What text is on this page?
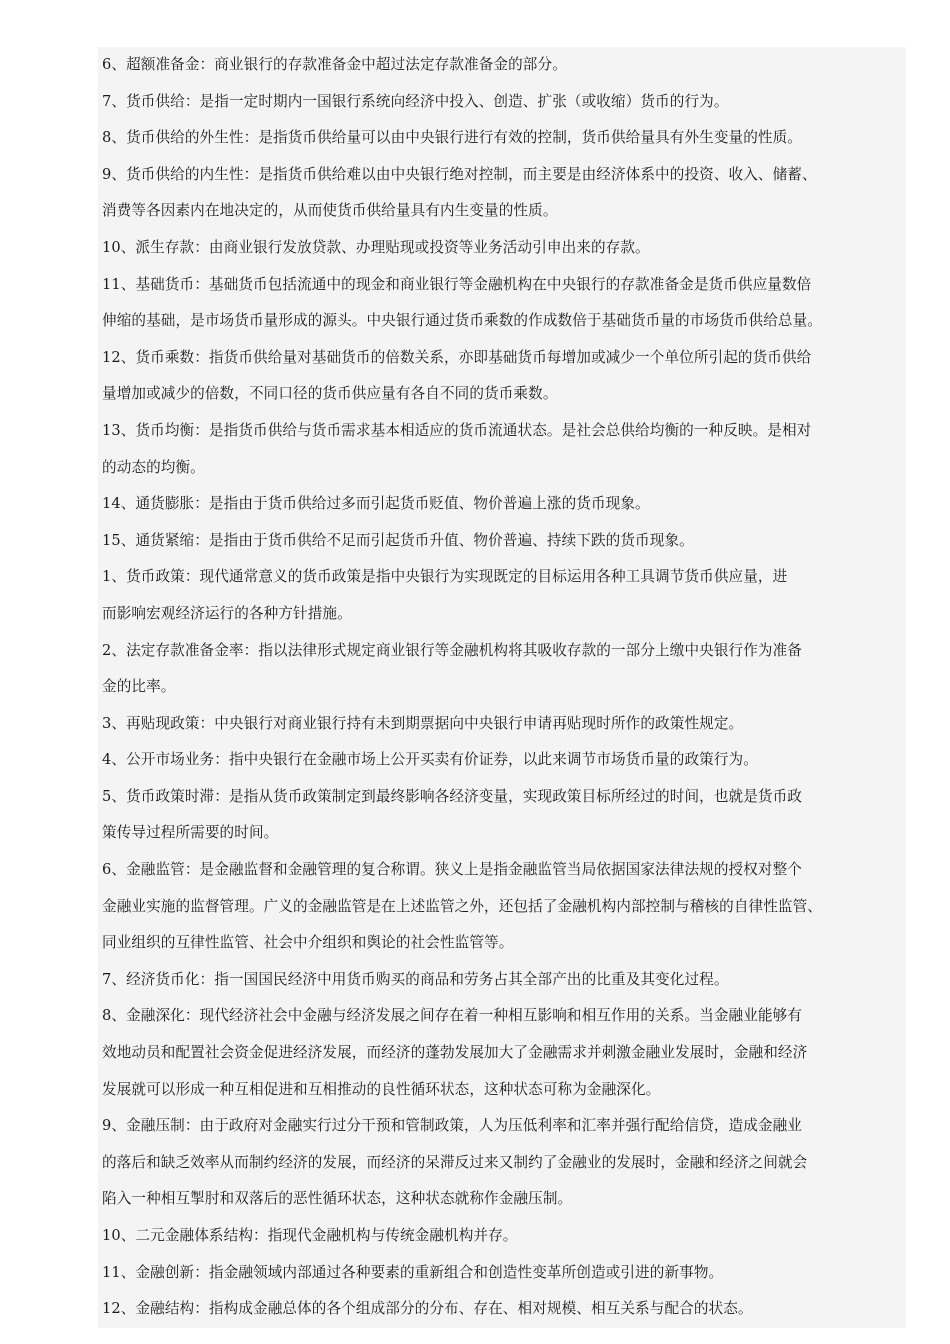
6、超额准备金：商业银行的存款准备金中超过法定存款准备金的部分。
7、货币供给：是指一定时期内一国银行系统向经济中投入、创造、扩张（或收缩）货币的行为。
8、货币供给的外生性：是指货币供给量可以由中央银行进行有效的控制，货币供给量具有外生变量的性质。
9、货币供给的内生性：是指货币供给难以由中央银行绝对控制，而主要是由经济体系中的投资、收入、储蓄、
消费等各因素内在地决定的，从而使货币供给量具有内生变量的性质。
10、派生存款：由商业银行发放贷款、办理贴现或投资等业务活动引申出来的存款。
11、基础货币：基础货币包括流通中的现金和商业银行等金融机构在中央银行的存款准备金是货币供应量数倍
伸缩的基础，是市场货币量形成的源头。中央银行通过货币乘数的作成数倍于基础货币量的市场货币供给总量。
12、货币乘数：指货币供给量对基础货币的倍数关系，亦即基础货币每增加或减少一个单位所引起的货币供给
量增加或减少的倍数，不同口径的货币供应量有各自不同的货币乘数。
13、货币均衡：是指货币供给与货币需求基本相适应的货币流通状态。是社会总供给均衡的一种反映。是相对
的动态的均衡。
14、通货膨胀：是指由于货币供给过多而引起货币贬值、物价普遍上涨的货币现象。
15、通货紧缩：是指由于货币供给不足而引起货币升值、物价普遍、持续下跌的货币现象。
1、货币政策：现代通常意义的货币政策是指中央银行为实现既定的目标运用各种工具调节货币供应量，进
而影响宏观经济运行的各种方针措施。
2、法定存款准备金率：指以法律形式规定商业银行等金融机构将其吸收存款的一部分上缴中央银行作为准备
金的比率。
3、再贴现政策：中央银行对商业银行持有未到期票据向中央银行申请再贴现时所作的政策性规定。
4、公开市场业务：指中央银行在金融市场上公开买卖有价证券，以此来调节市场货币量的政策行为。
5、货币政策时滞：是指从货币政策制定到最终影响各经济变量，实现政策目标所经过的时间，也就是货币政
策传导过程所需要的时间。
6、金融监管：是金融监督和金融管理的复合称谓。狭义上是指金融监管当局依据国家法律法规的授权对整个
金融业实施的监督管理。广义的金融监管是在上述监管之外，还包括了金融机构内部控制与稽核的自律性监管、
同业组织的互律性监管、社会中介组织和舆论的社会性监管等。
7、经济货币化：指一国国民经济中用货币购买的商品和劳务占其全部产出的比重及其变化过程。
8、金融深化：现代经济社会中金融与经济发展之间存在着一种相互影响和相互作用的关系。当金融业能够有
效地动员和配置社会资金促进经济发展，而经济的蓬勃发展加大了金融需求并刺激金融业发展时，金融和经济
发展就可以形成一种互相促进和互相推动的良性循环状态，这种状态可称为金融深化。
9、金融压制：由于政府对金融实行过分干预和管制政策，人为压低利率和汇率并强行配给信贷，造成金融业
的落后和缺乏效率从而制约经济的发展，而经济的呆滞反过来又制约了金融业的发展时，金融和经济之间就会
陷入一种相互掣肘和双落后的恶性循环状态，这种状态就称作金融压制。
10、二元金融体系结构：指现代金融机构与传统金融机构并存。
11、金融创新：指金融领域内部通过各种要素的重新组合和创造性变革所创造或引进的新事物。
12、金融结构：指构成金融总体的各个组成部分的分布、存在、相对规模、相互关系与配合的状态。
